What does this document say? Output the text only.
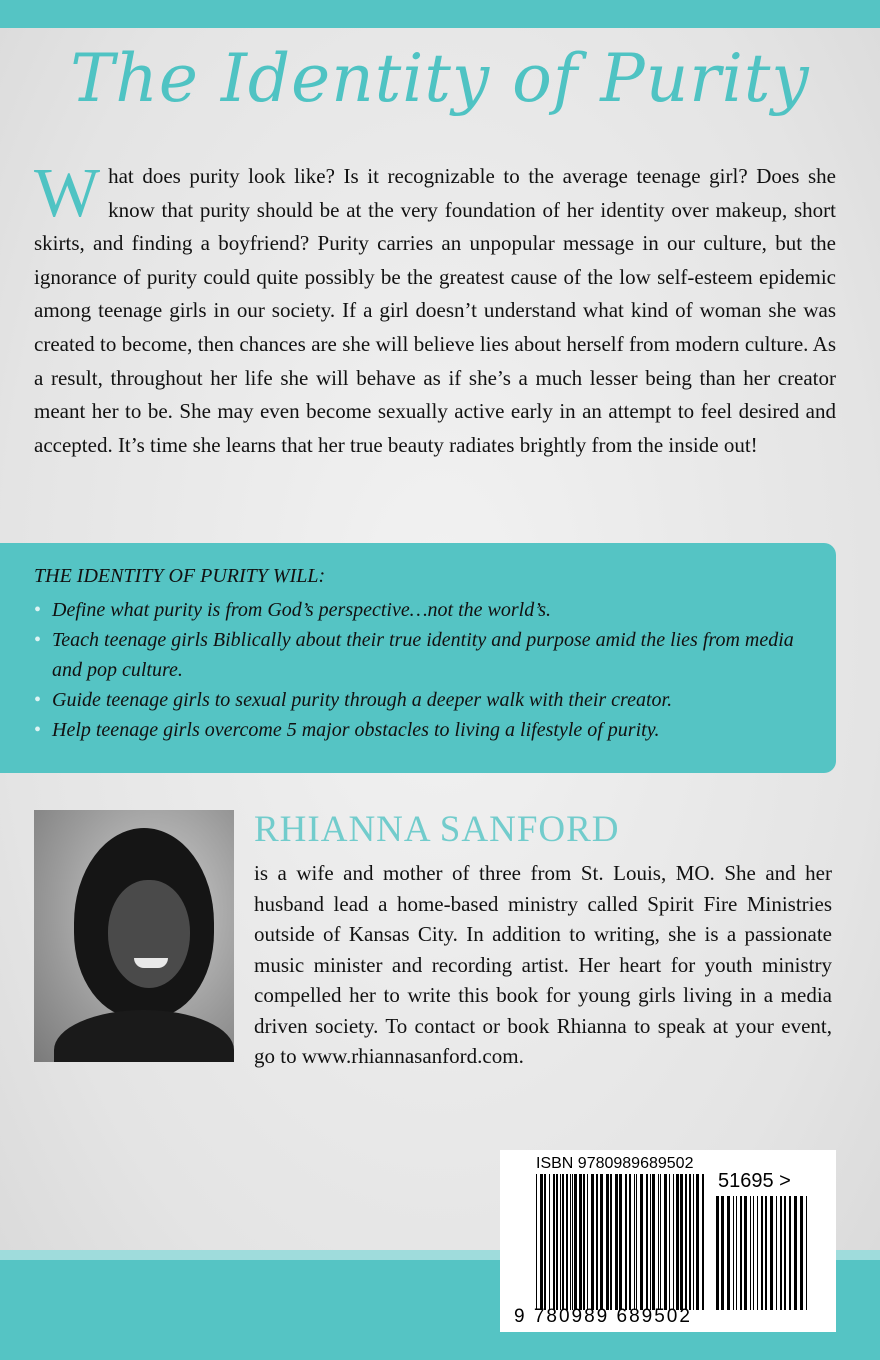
The Identity of Purity

What does purity look like? Is it recognizable to the average teenage girl? Does she know that purity should be at the very foundation of her identity over makeup, short skirts, and finding a boyfriend? Purity carries an unpopular message in our culture, but the ignorance of purity could quite possibly be the greatest cause of the low self-esteem epidemic among teenage girls in our society. If a girl doesn’t understand what kind of woman she was created to become, then chances are she will believe lies about herself from modern culture. As a result, throughout her life she will behave as if she’s a much lesser being than her creator meant her to be. She may even become sexually active early in an attempt to feel desired and accepted. It’s time she learns that her true beauty radiates brightly from the inside out!

THE IDENTITY OF PURITY WILL:

• Define what purity is from God’s perspective…not the world’s.
• Teach teenage girls Biblically about their true identity and purpose amid the lies from media and pop culture.
• Guide teenage girls to sexual purity through a deeper walk with their creator.
• Help teenage girls overcome 5 major obstacles to living a lifestyle of purity.
RHIANNA SANFORD

is a wife and mother of three from St. Louis, MO. She and her husband lead a home-based ministry called Spirit Fire Ministries outside of Kansas City. In addition to writing, she is a passionate music minister and recording artist. Her heart for youth ministry compelled her to write this book for young girls living in a media driven society. To contact or book Rhianna to speak at your event, go to www.rhiannasanford.com.

ISBN 9780989689502
51695 >
9 780989 689502
